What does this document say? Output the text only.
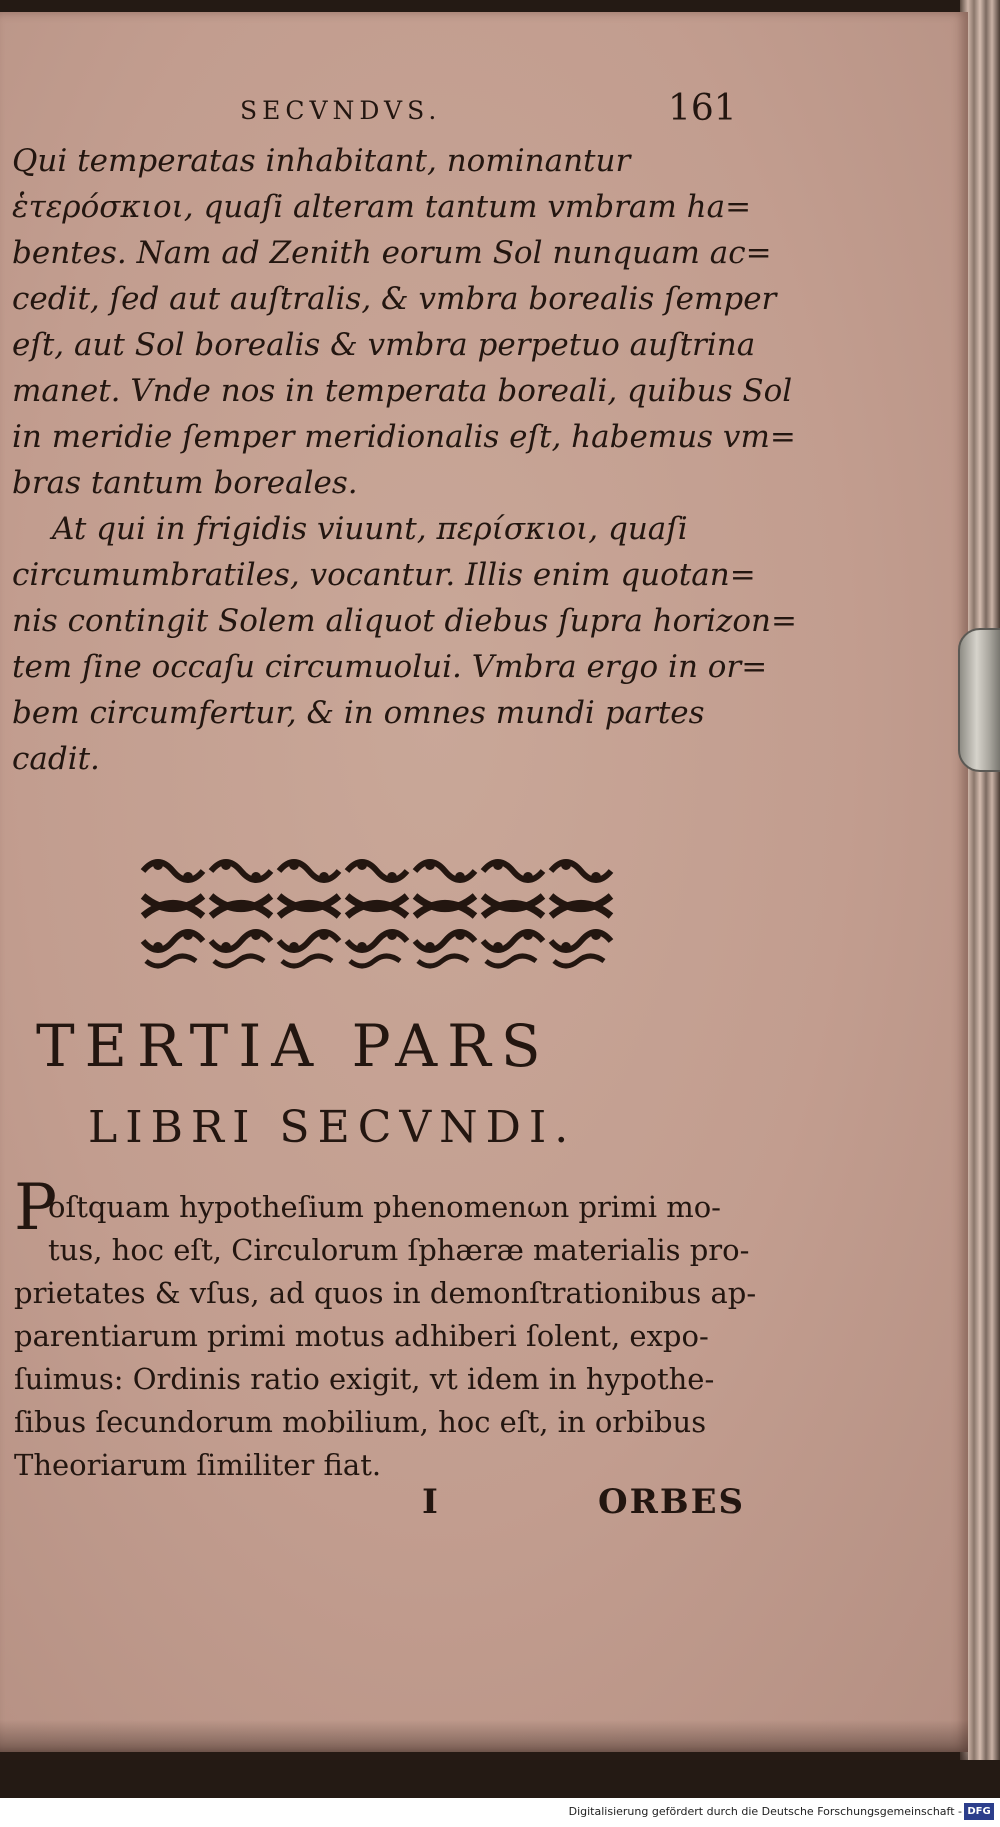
SECVNDVS.	161
Qui temperatas inhabitant, nominantur
ἑτερόσκιοι, quaſi alteram tantum vmbram ha=
bentes. Nam ad Zenith eorum Sol nunquam ac=
cedit, ſed aut auſtralis, & vmbra borealis ſemper
eſt, aut Sol borealis & vmbra perpetuo auſtrina
manet. Vnde nos in temperata boreali, quibus Sol
in meridie ſemper meridionalis eſt, habemus vm=
bras tantum boreales.
At qui in frigidis viuunt, περίσκιοι, quaſi
circumumbratiles, vocantur. Illis enim quotan=
nis contingit Solem aliquot diebus ſupra horizon=
tem ſine occaſu circumuolui. Vmbra ergo in or=
bem circumfertur, & in omnes mundi partes
cadit.
TERTIA PARS
LIBRI SECVNDI.
P
oſtquam hypotheſium phenomenωn primi mo-
tus, hoc eſt, Circulorum ſphæræ materialis pro-
prietates & vſus, ad quos in demonſtrationibus ap-
parentiarum primi motus adhiberi ſolent, expo-
ſuimus: Ordinis ratio exigit, vt idem in hypothe-
ſibus ſecundorum mobilium, hoc eſt, in orbibus
Theoriarum ſimiliter fiat.
I	ORBES
Digitalisierung gefördert durch die Deutsche Forschungsgemeinschaft - DFG
